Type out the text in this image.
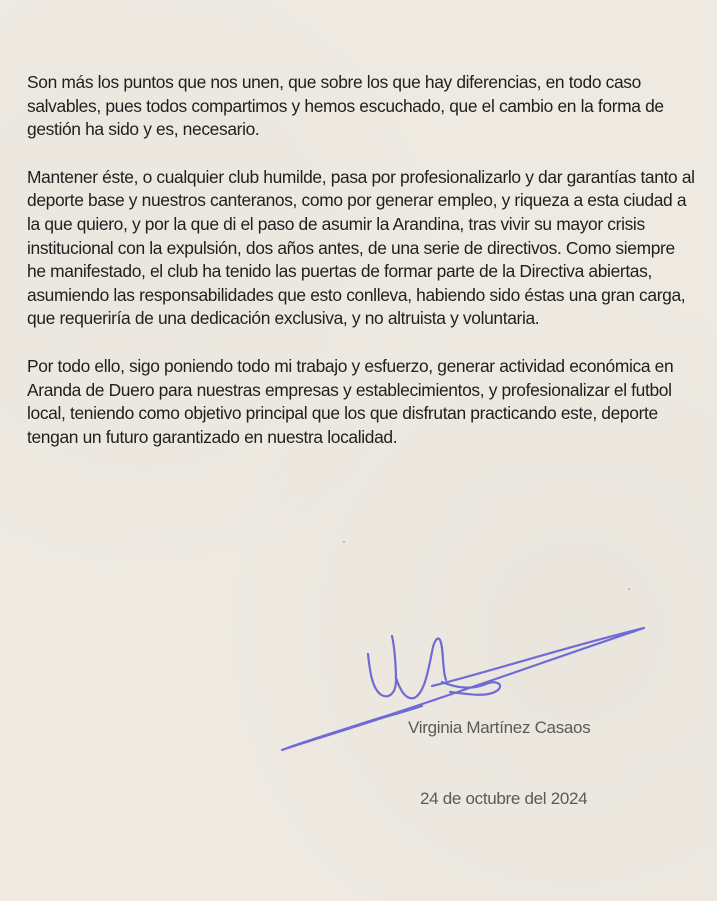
Son más los puntos que nos unen, que sobre los que hay diferencias, en todo caso salvables, pues todos compartimos y hemos escuchado, que el cambio en la forma de gestión ha sido y es, necesario.

Mantener éste, o cualquier club humilde, pasa por profesionalizarlo y dar garantías tanto al deporte base y nuestros canteranos, como por generar empleo, y riqueza a esta ciudad a la que quiero, y por la que di el paso de asumir la Arandina, tras vivir su mayor crisis institucional con la expulsión, dos años antes, de una serie de directivos. Como siempre he manifestado, el club ha tenido las puertas de formar parte de la Directiva abiertas, asumiendo las responsabilidades que esto conlleva, habiendo sido éstas una gran carga, que requeriría de una dedicación exclusiva, y no altruista y voluntaria.

Por todo ello, sigo poniendo todo mi trabajo y esfuerzo, generar actividad económica en Aranda de Duero para nuestras empresas y establecimientos, y profesionalizar el futbol local, teniendo como objetivo principal que los que disfrutan practicando este, deporte tengan un futuro garantizado en nuestra localidad.

Virginia Martínez Casaos
24 de octubre del 2024
